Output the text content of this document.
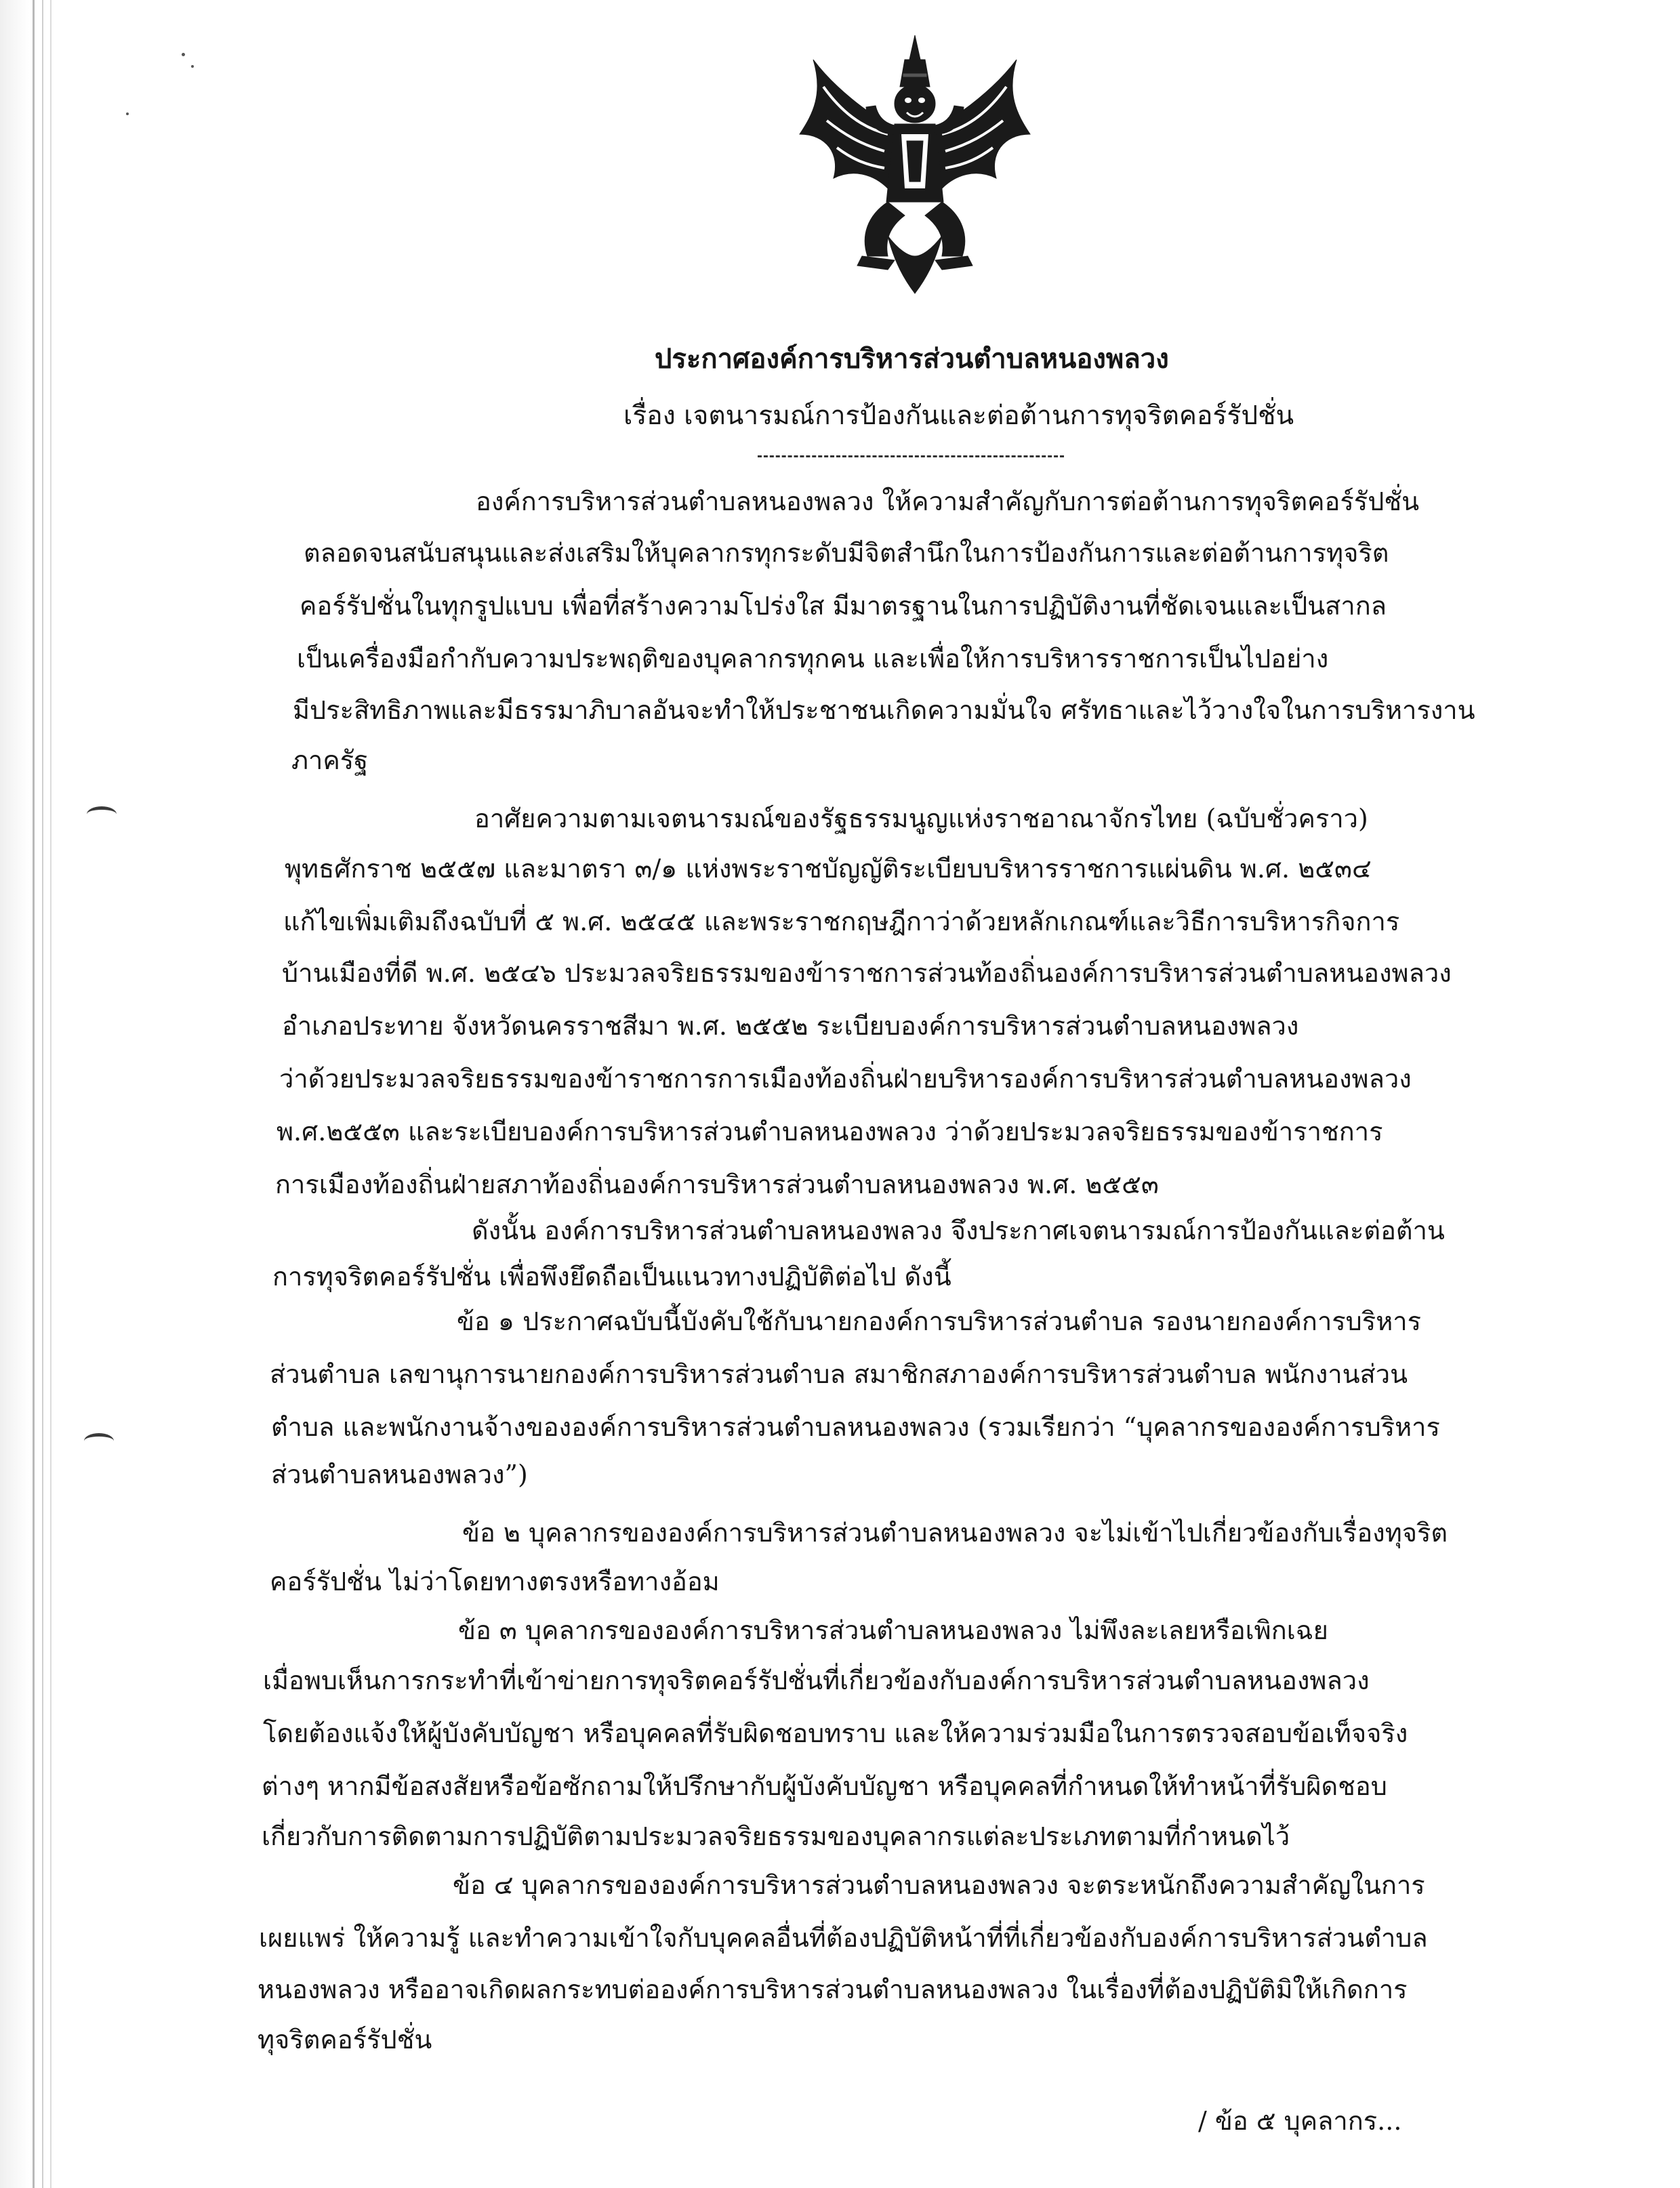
ประกาศองค์การบริหารส่วนตำบลหนองพลวง
เรื่อง เจตนารมณ์การป้องกันและต่อต้านการทุจริตคอร์รัปชั่น
องค์การบริหารส่วนตำบลหนองพลวง ให้ความสำคัญกับการต่อต้านการทุจริตคอร์รัปชั่น
ตลอดจนสนับสนุนและส่งเสริมให้บุคลากรทุกระดับมีจิตสำนึกในการป้องกันการและต่อต้านการทุจริต
คอร์รัปชั่นในทุกรูปแบบ เพื่อที่สร้างความโปร่งใส มีมาตรฐานในการปฏิบัติงานที่ชัดเจนและเป็นสากล
เป็นเครื่องมือกำกับความประพฤติของบุคลากรทุกคน และเพื่อให้การบริหารราชการเป็นไปอย่าง
มีประสิทธิภาพและมีธรรมาภิบาลอันจะทำให้ประชาชนเกิดความมั่นใจ ศรัทธาและไว้วางใจในการบริหารงาน
ภาครัฐ
อาศัยความตามเจตนารมณ์ของรัฐธรรมนูญแห่งราชอาณาจักรไทย (ฉบับชั่วคราว)
พุทธศักราช ๒๕๕๗ และมาตรา ๓/๑ แห่งพระราชบัญญัติระเบียบบริหารราชการแผ่นดิน พ.ศ. ๒๕๓๔
แก้ไขเพิ่มเติมถึงฉบับที่ ๕ พ.ศ. ๒๕๔๕ และพระราชกฤษฎีกาว่าด้วยหลักเกณฑ์และวิธีการบริหารกิจการ
บ้านเมืองที่ดี พ.ศ. ๒๕๔๖ ประมวลจริยธรรมของข้าราชการส่วนท้องถิ่นองค์การบริหารส่วนตำบลหนองพลวง
อำเภอประทาย จังหวัดนครราชสีมา พ.ศ. ๒๕๕๒ ระเบียบองค์การบริหารส่วนตำบลหนองพลวง
ว่าด้วยประมวลจริยธรรมของข้าราชการการเมืองท้องถิ่นฝ่ายบริหารองค์การบริหารส่วนตำบลหนองพลวง
พ.ศ.๒๕๕๓ และระเบียบองค์การบริหารส่วนตำบลหนองพลวง ว่าด้วยประมวลจริยธรรมของข้าราชการ
การเมืองท้องถิ่นฝ่ายสภาท้องถิ่นองค์การบริหารส่วนตำบลหนองพลวง พ.ศ. ๒๕๕๓
ดังนั้น องค์การบริหารส่วนตำบลหนองพลวง จึงประกาศเจตนารมณ์การป้องกันและต่อต้าน
การทุจริตคอร์รัปชั่น เพื่อพึงยึดถือเป็นแนวทางปฏิบัติต่อไป ดังนี้
ข้อ ๑ ประกาศฉบับนี้บังคับใช้กับนายกองค์การบริหารส่วนตำบล รองนายกองค์การบริหาร
ส่วนตำบล เลขานุการนายกองค์การบริหารส่วนตำบล สมาชิกสภาองค์การบริหารส่วนตำบล พนักงานส่วน
ตำบล และพนักงานจ้างขององค์การบริหารส่วนตำบลหนองพลวง (รวมเรียกว่า “บุคลากรขององค์การบริหาร
ส่วนตำบลหนองพลวง”)
ข้อ ๒ บุคลากรขององค์การบริหารส่วนตำบลหนองพลวง จะไม่เข้าไปเกี่ยวข้องกับเรื่องทุจริต
คอร์รัปชั่น ไม่ว่าโดยทางตรงหรือทางอ้อม
ข้อ ๓ บุคลากรขององค์การบริหารส่วนตำบลหนองพลวง ไม่พึงละเลยหรือเพิกเฉย
เมื่อพบเห็นการกระทำที่เข้าข่ายการทุจริตคอร์รัปชั่นที่เกี่ยวข้องกับองค์การบริหารส่วนตำบลหนองพลวง
โดยต้องแจ้งให้ผู้บังคับบัญชา หรือบุคคลที่รับผิดชอบทราบ และให้ความร่วมมือในการตรวจสอบข้อเท็จจริง
ต่างๆ หากมีข้อสงสัยหรือข้อซักถามให้ปรึกษากับผู้บังคับบัญชา หรือบุคคลที่กำหนดให้ทำหน้าที่รับผิดชอบ
เกี่ยวกับการติดตามการปฏิบัติตามประมวลจริยธรรมของบุคลากรแต่ละประเภทตามที่กำหนดไว้
ข้อ ๔ บุคลากรขององค์การบริหารส่วนตำบลหนองพลวง จะตระหนักถึงความสำคัญในการ
เผยแพร่ ให้ความรู้ และทำความเข้าใจกับบุคคลอื่นที่ต้องปฏิบัติหน้าที่ที่เกี่ยวข้องกับองค์การบริหารส่วนตำบล
หนองพลวง หรืออาจเกิดผลกระทบต่อองค์การบริหารส่วนตำบลหนองพลวง ในเรื่องที่ต้องปฏิบัติมิให้เกิดการ
ทุจริตคอร์รัปชั่น
/ ข้อ ๕ บุคลากร...
